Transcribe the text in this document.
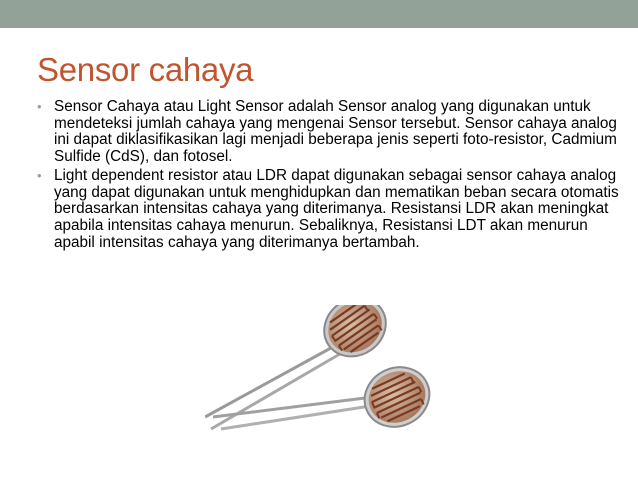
Sensor cahaya
• Sensor Cahaya atau Light Sensor adalah Sensor analog yang digunakan untuk mendeteksi jumlah cahaya yang mengenai Sensor tersebut. Sensor cahaya analog ini dapat diklasifikasikan lagi menjadi beberapa jenis seperti foto-resistor, Cadmium Sulfide (CdS), dan fotosel.
• Light dependent resistor atau LDR dapat digunakan sebagai sensor cahaya analog yang dapat digunakan untuk menghidupkan dan mematikan beban secara otomatis berdasarkan intensitas cahaya yang diterimanya. Resistansi LDR akan meningkat apabila intensitas cahaya menurun. Sebaliknya, Resistansi LDT akan menurun apabil intensitas cahaya yang diterimanya bertambah.
